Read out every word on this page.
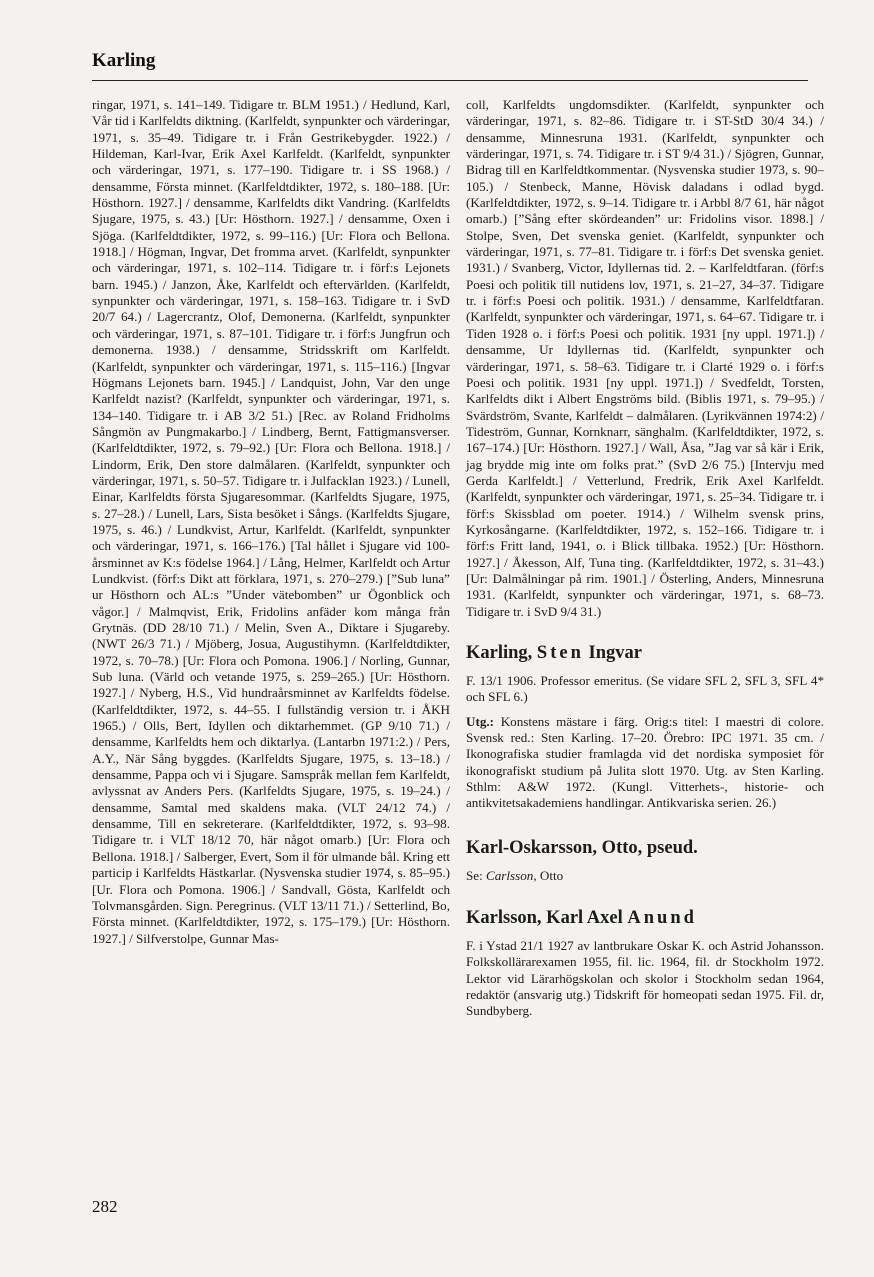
Karling

ringar, 1971, s. 141–149. Tidigare tr. BLM 1951.) / Hedlund, Karl, Vår tid i Karlfeldts diktning. (Karlfeldt, synpunkter och värderingar, 1971, s. 35–49. Tidigare tr. i Från Gestrikebygder. 1922.) / Hildeman, Karl-Ivar, Erik Axel Karlfeldt. (Karlfeldt, synpunkter och värderingar, 1971, s. 177–190. Tidigare tr. i SS 1968.) / densamme, Första minnet. (Karlfeldtdikter, 1972, s. 180–188. [Ur: Hösthorn. 1927.] / densamme, Karlfeldts dikt Vandring. (Karlfeldts Sjugare, 1975, s. 43.) [Ur: Hösthorn. 1927.] / densamme, Oxen i Sjöga. (Karlfeldtdikter, 1972, s. 99–116.) [Ur: Flora och Bellona. 1918.] / Högman, Ingvar, Det fromma arvet. (Karlfeldt, synpunkter och värderingar, 1971, s. 102–114. Tidigare tr. i förf:s Lejonets barn. 1945.) / Janzon, Åke, Karlfeldt och eftervärlden. (Karlfeldt, synpunkter och värderingar, 1971, s. 158–163. Tidigare tr. i SvD 20/7 64.) / Lagercrantz, Olof, Demonerna. (Karlfeldt, synpunkter och värderingar, 1971, s. 87–101. Tidigare tr. i förf:s Jungfrun och demonerna. 1938.) / densamme, Stridsskrift om Karlfeldt. (Karlfeldt, synpunkter och värderingar, 1971, s. 115–116.) [Ingvar Högmans Lejonets barn. 1945.] / Landquist, John, Var den unge Karlfeldt nazist? (Karlfeldt, synpunkter och värderingar, 1971, s. 134–140. Tidigare tr. i AB 3/2 51.) [Rec. av Roland Fridholms Sångmön av Pungmakarbo.] / Lindberg, Bernt, Fattigmansverser. (Karlfeldtdikter, 1972, s. 79–92.) [Ur: Flora och Bellona. 1918.] / Lindorm, Erik, Den store dalmålaren. (Karlfeldt, synpunkter och värderingar, 1971, s. 50–57. Tidigare tr. i Julfacklan 1923.) / Lunell, Einar, Karlfeldts första Sjugaresommar. (Karlfeldts Sjugare, 1975, s. 27–28.) / Lunell, Lars, Sista besöket i Sångs. (Karlfeldts Sjugare, 1975, s. 46.) / Lundkvist, Artur, Karlfeldt. (Karlfeldt, synpunkter och värderingar, 1971, s. 166–176.) [Tal hållet i Sjugare vid 100-årsminnet av K:s födelse 1964.] / Lång, Helmer, Karlfeldt och Artur Lundkvist. (förf:s Dikt att förklara, 1971, s. 270–279.) [”Sub luna” ur Hösthorn och AL:s ”Under vätebomben” ur Ögonblick och vågor.] / Malmqvist, Erik, Fridolins anfäder kom många från Grytnäs. (DD 28/10 71.) / Melin, Sven A., Diktare i Sjugareby. (NWT 26/3 71.) / Mjöberg, Josua, Augustihymn. (Karlfeldtdikter, 1972, s. 70–78.) [Ur: Flora och Pomona. 1906.] / Norling, Gunnar, Sub luna. (Värld och vetande 1975, s. 259–265.) [Ur: Hösthorn. 1927.] / Nyberg, H.S., Vid hundraårsminnet av Karlfeldts födelse. (Karlfeldtdikter, 1972, s. 44–55. I fullständig version tr. i ÅKH 1965.) / Olls, Bert, Idyllen och diktarhemmet. (GP 9/10 71.) / densamme, Karlfeldts hem och diktarlya. (Lantarbn 1971:2.) / Pers, A.Y., När Sång byggdes. (Karlfeldts Sjugare, 1975, s. 13–18.) / densamme, Pappa och vi i Sjugare. Samspråk mellan fem Karlfeldt, avlyssnat av Anders Pers. (Karlfeldts Sjugare, 1975, s. 19–24.) / densamme, Samtal med skaldens maka. (VLT 24/12 74.) / densamme, Till en sekreterare. (Karlfeldtdikter, 1972, s. 93–98. Tidigare tr. i VLT 18/12 70, här något omarb.) [Ur: Flora och Bellona. 1918.] / Salberger, Evert, Som il för ulmande bål. Kring ett particip i Karlfeldts Hästkarlar. (Nysvenska studier 1974, s. 85–95.) [Ur. Flora och Pomona. 1906.] / Sandvall, Gösta, Karlfeldt och Tolvmansgården. Sign. Peregrinus. (VLT 13/11 71.) / Setterlind, Bo, Första minnet. (Karlfeldtdikter, 1972, s. 175–179.) [Ur: Hösthorn. 1927.] / Silfverstolpe, Gunnar Mas-

coll, Karlfeldts ungdomsdikter. (Karlfeldt, synpunkter och värderingar, 1971, s. 82–86. Tidigare tr. i ST-StD 30/4 34.) / densamme, Minnesruna 1931. (Karlfeldt, synpunkter och värderingar, 1971, s. 74. Tidigare tr. i ST 9/4 31.) / Sjögren, Gunnar, Bidrag till en Karlfeldtkommentar. (Nysvenska studier 1973, s. 90–105.) / Stenbeck, Manne, Hövisk daladans i odlad bygd. (Karlfeldtdikter, 1972, s. 9–14. Tidigare tr. i Arbbl 8/7 61, här något omarb.) [”Sång efter skördeanden” ur: Fridolins visor. 1898.] / Stolpe, Sven, Det svenska geniet. (Karlfeldt, synpunkter och värderingar, 1971, s. 77–81. Tidigare tr. i förf:s Det svenska geniet. 1931.) / Svanberg, Victor, Idyllernas tid. 2. – Karlfeldtfaran. (förf:s Poesi och politik till nutidens lov, 1971, s. 21–27, 34–37. Tidigare tr. i förf:s Poesi och politik. 1931.) / densamme, Karlfeldtfaran. (Karlfeldt, synpunkter och värderingar, 1971, s. 64–67. Tidigare tr. i Tiden 1928 o. i förf:s Poesi och politik. 1931 [ny uppl. 1971.]) / densamme, Ur Idyllernas tid. (Karlfeldt, synpunkter och värderingar, 1971, s. 58–63. Tidigare tr. i Clarté 1929 o. i förf:s Poesi och politik. 1931 [ny uppl. 1971.]) / Svedfeldt, Torsten, Karlfeldts dikt i Albert Engströms bild. (Biblis 1971, s. 79–95.) / Svärdström, Svante, Karlfeldt – dalmålaren. (Lyrikvännen 1974:2) / Tideström, Gunnar, Kornknarr, sänghalm. (Karlfeldtdikter, 1972, s. 167–174.) [Ur: Hösthorn. 1927.] / Wall, Åsa, ”Jag var så kär i Erik, jag brydde mig inte om folks prat.” (SvD 2/6 75.) [Intervju med Gerda Karlfeldt.] / Vetterlund, Fredrik, Erik Axel Karlfeldt. (Karlfeldt, synpunkter och värderingar, 1971, s. 25–34. Tidigare tr. i förf:s Skissblad om poeter. 1914.) / Wilhelm svensk prins, Kyrkosångarne. (Karlfeldtdikter, 1972, s. 152–166. Tidigare tr. i förf:s Fritt land, 1941, o. i Blick tillbaka. 1952.) [Ur: Hösthorn. 1927.] / Åkesson, Alf, Tuna ting. (Karlfeldtdikter, 1972, s. 31–43.) [Ur: Dalmålningar på rim. 1901.] / Österling, Anders, Minnesruna 1931. (Karlfeldt, synpunkter och värderingar, 1971, s. 68–73. Tidigare tr. i SvD 9/4 31.)

Karling, Sten Ingvar

F. 13/1 1906. Professor emeritus. (Se vidare SFL 2, SFL 3, SFL 4* och SFL 6.)

Utg.: Konstens mästare i färg. Orig:s titel: I maestri di colore. Svensk red.: Sten Karling. 17–20. Örebro: IPC 1971. 35 cm. / Ikonografiska studier framlagda vid det nordiska symposiet för ikonografiskt studium på Julita slott 1970. Utg. av Sten Karling. Sthlm: A&W 1972. (Kungl. Vitterhets-, historie- och antikvitetsakademiens handlingar. Antikvariska serien. 26.)

Karl-Oskarsson, Otto, pseud.

Se: Carlsson, Otto

Karlsson, Karl Axel Anund

F. i Ystad 21/1 1927 av lantbrukare Oskar K. och Astrid Johansson. Folkskollärarexamen 1955, fil. lic. 1964, fil. dr Stockholm 1972. Lektor vid Lärarhögskolan och skolor i Stockholm sedan 1964, redaktör (ansvarig utg.) Tidskrift för homeopati sedan 1975. Fil. dr, Sundbyberg.

282
